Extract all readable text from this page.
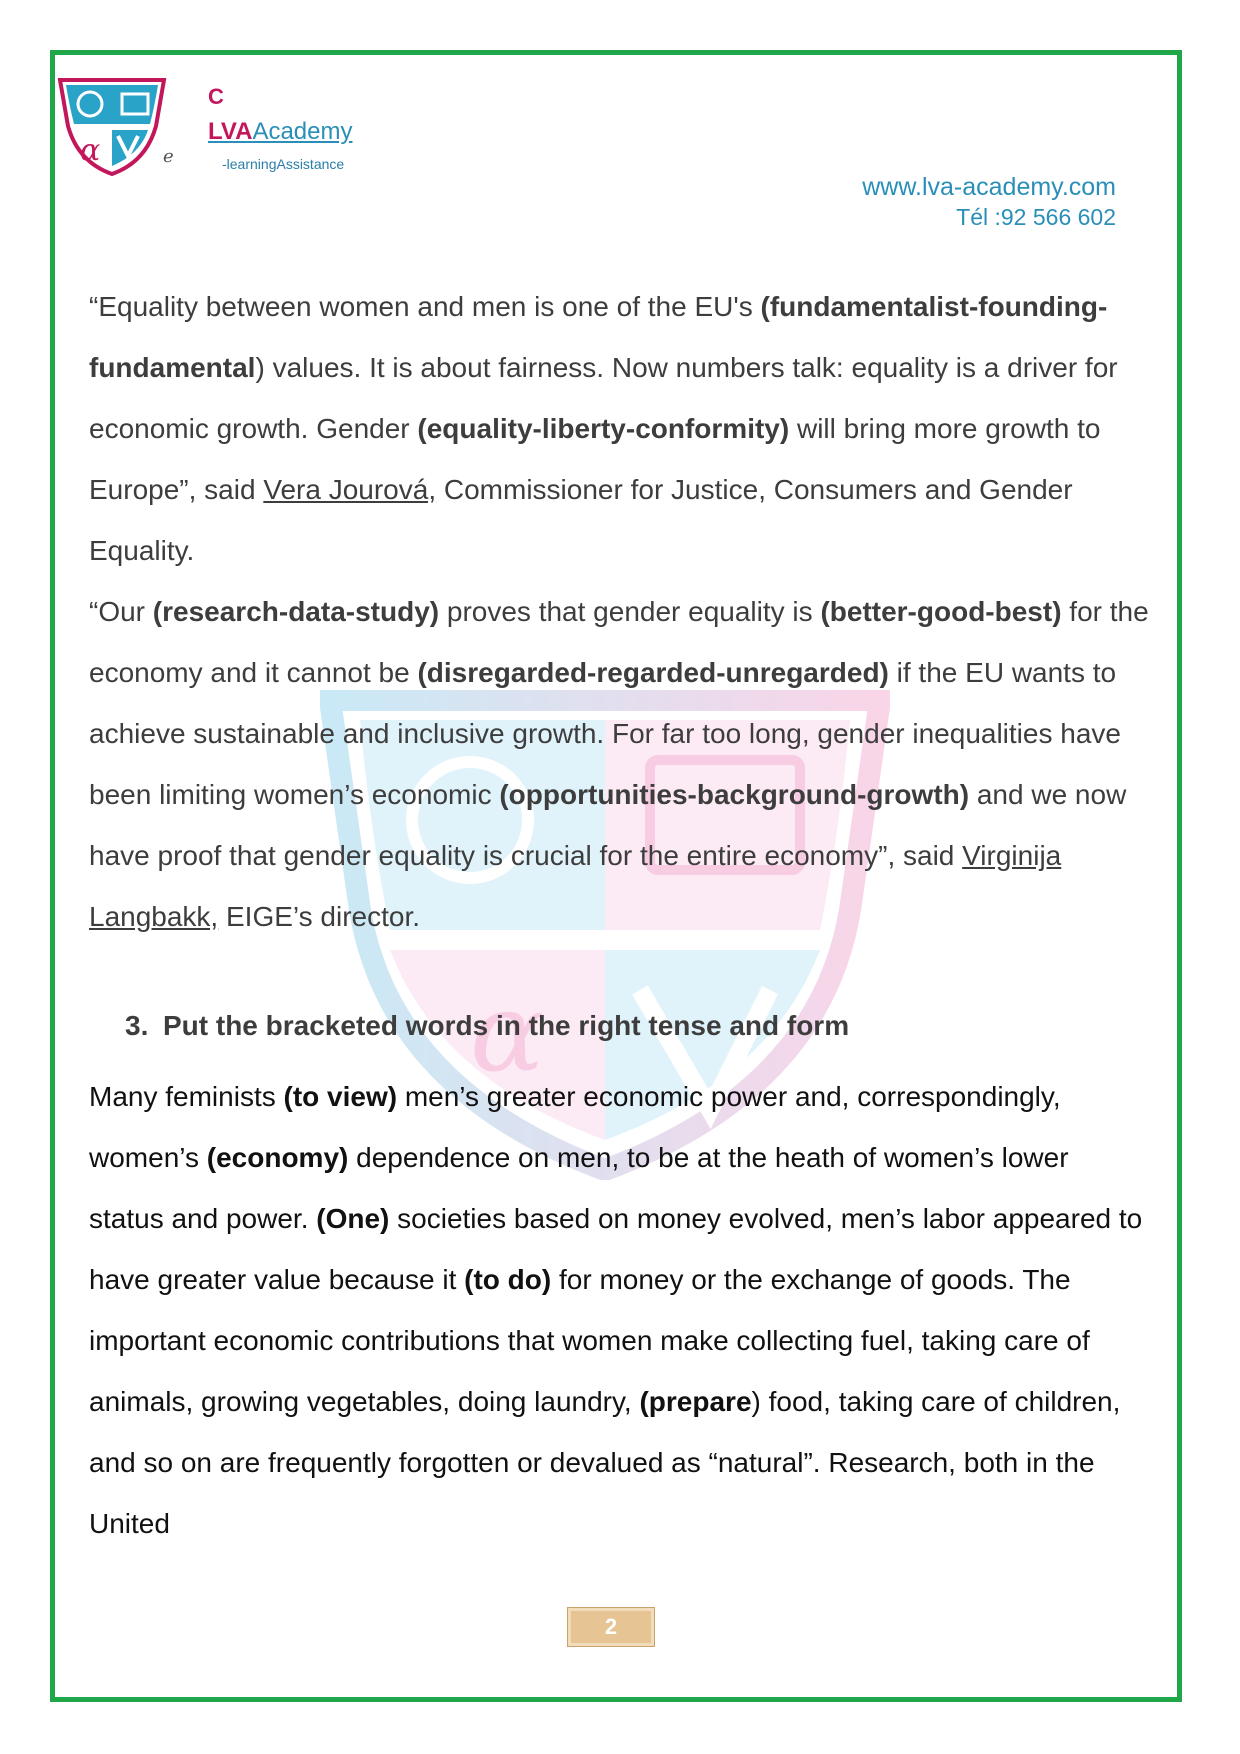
α
α
C
LVAAcademy
e	-learningAssistance
www.lva-academy.com
Tél :92 566 602

“Equality between women and men is one of the EU's (fundamentalist-founding-fundamental) values. It is about fairness. Now numbers talk: equality is a driver for economic growth. Gender (equality-liberty-conformity) will bring more growth to Europe”, said Vera Jourová, Commissioner for Justice, Consumers and Gender Equality.
“Our (research-data-study) proves that gender equality is (better-good-best) for the economy and it cannot be (disregarded-regarded-unregarded) if the EU wants to achieve sustainable and inclusive growth. For far too long, gender inequalities have been limiting women’s economic (opportunities-background-growth) and we now have proof that gender equality is crucial for the entire economy”, said Virginija Langbakk, EIGE’s director.

3. Put the bracketed words in the right tense and form

Many feminists (to view) men’s greater economic power and, correspondingly, women’s (economy) dependence on men, to be at the heath of women’s lower status and power. (One) societies based on money evolved, men’s labor appeared to have greater value because it (to do) for money or the exchange of goods. The important economic contributions that women make collecting fuel, taking care of animals, growing vegetables, doing laundry, (prepare) food, taking care of children, and so on are frequently forgotten or devalued as “natural”. Research, both in the United

2
